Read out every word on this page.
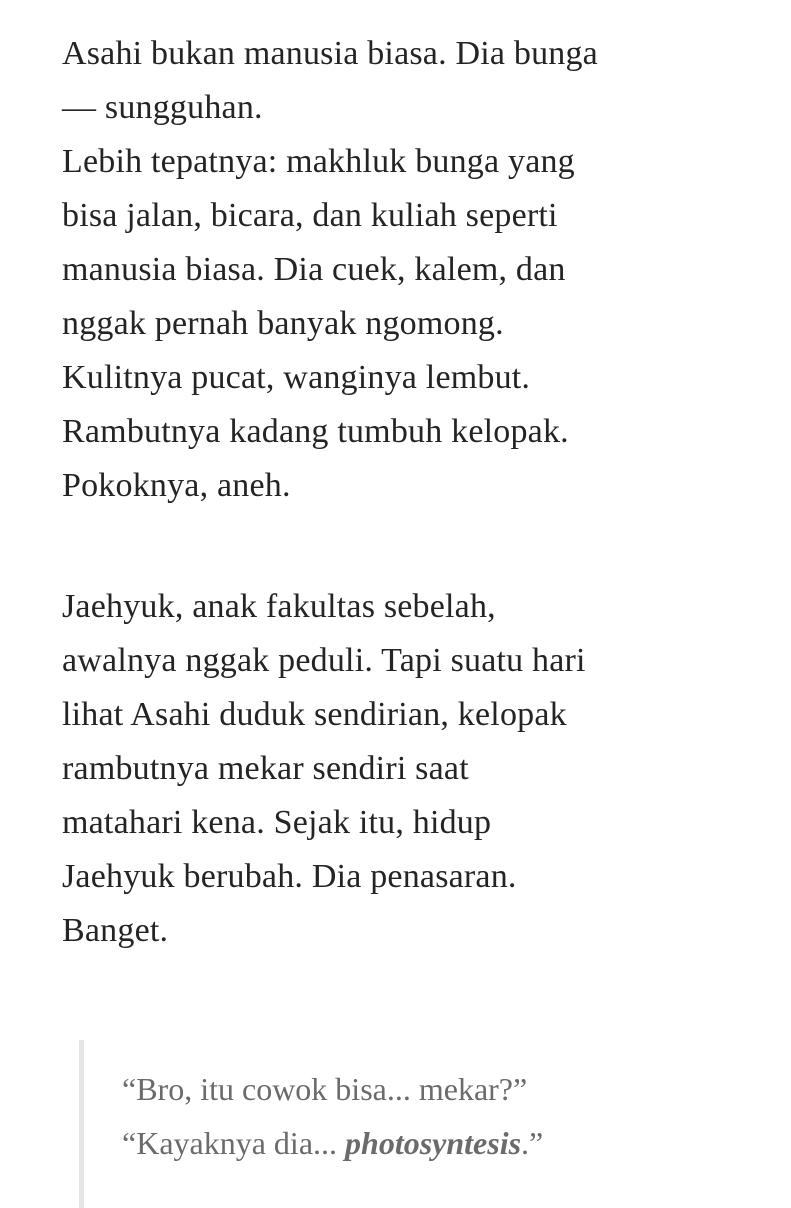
Asahi bukan manusia biasa. Dia bunga
— sungguhan.
Lebih tepatnya: makhluk bunga yang
bisa jalan, bicara, dan kuliah seperti
manusia biasa. Dia cuek, kalem, dan
nggak pernah banyak ngomong.
Kulitnya pucat, wanginya lembut.
Rambutnya kadang tumbuh kelopak.
Pokoknya, aneh.
Jaehyuk, anak fakultas sebelah,
awalnya nggak peduli. Tapi suatu hari
lihat Asahi duduk sendirian, kelopak
rambutnya mekar sendiri saat
matahari kena. Sejak itu, hidup
Jaehyuk berubah. Dia penasaran.
Banget.
“Bro, itu cowok bisa... mekar?”
“Kayaknya dia... photosyntesis.”
